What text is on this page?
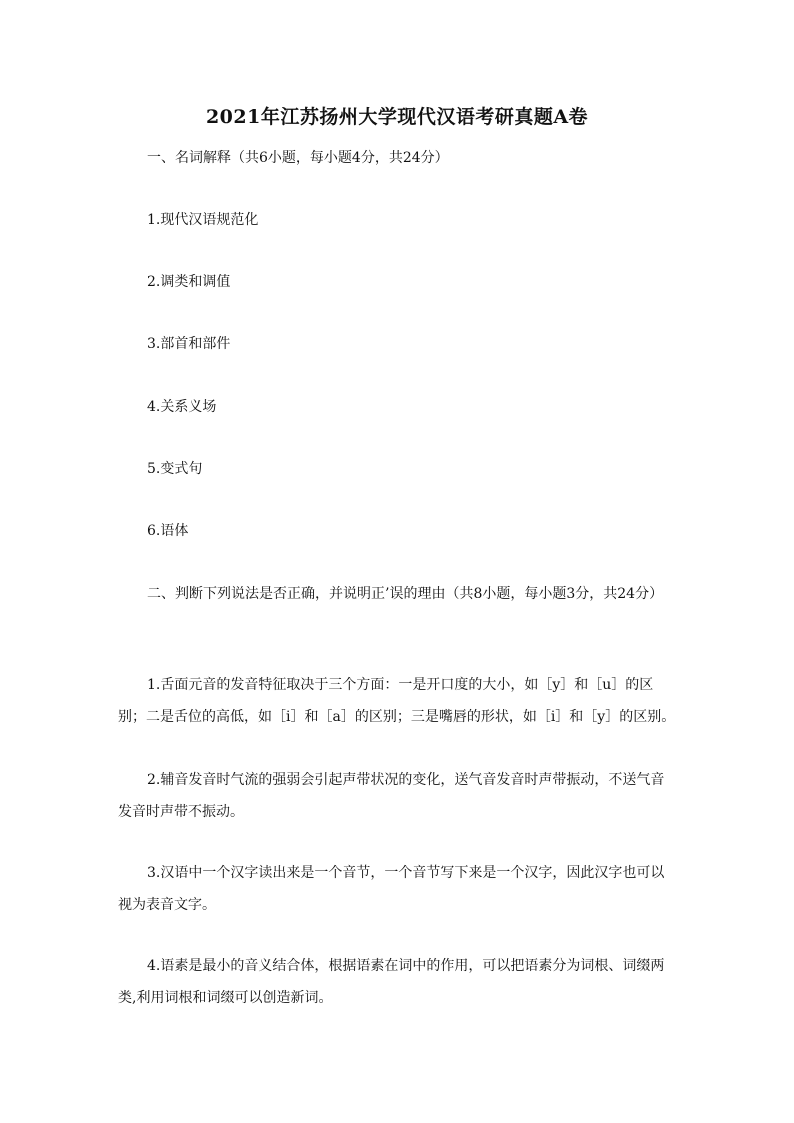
2021年江苏扬州大学现代汉语考研真题A卷
一、名词解释（共6小题，每小题4分，共24分）
1.现代汉语规范化
2.调类和调值
3.部首和部件
4.关系义场
5.变式句
6.语体
二、判断下列说法是否正确，并说明正’误的理由（共8小题，每小题3分，共24分）

1.舌面元音的发音特征取决于三个方面：一是开口度的大小，如［y］和［u］的区别；二是舌位的高低，如［i］和［a］的区别；三是嘴唇的形状，如［i］和［y］的区别。

2.辅音发音时气流的强弱会引起声带状况的变化，送气音发音时声带振动，不送气音发音时声带不振动。

3.汉语中一个汉字读出来是一个音节，一个音节写下来是一个汉字，因此汉字也可以视为表音文字。

4.语素是最小的音义结合体，根据语素在词中的作用，可以把语素分为词根、词缀两类,利用词根和词缀可以创造新词。
